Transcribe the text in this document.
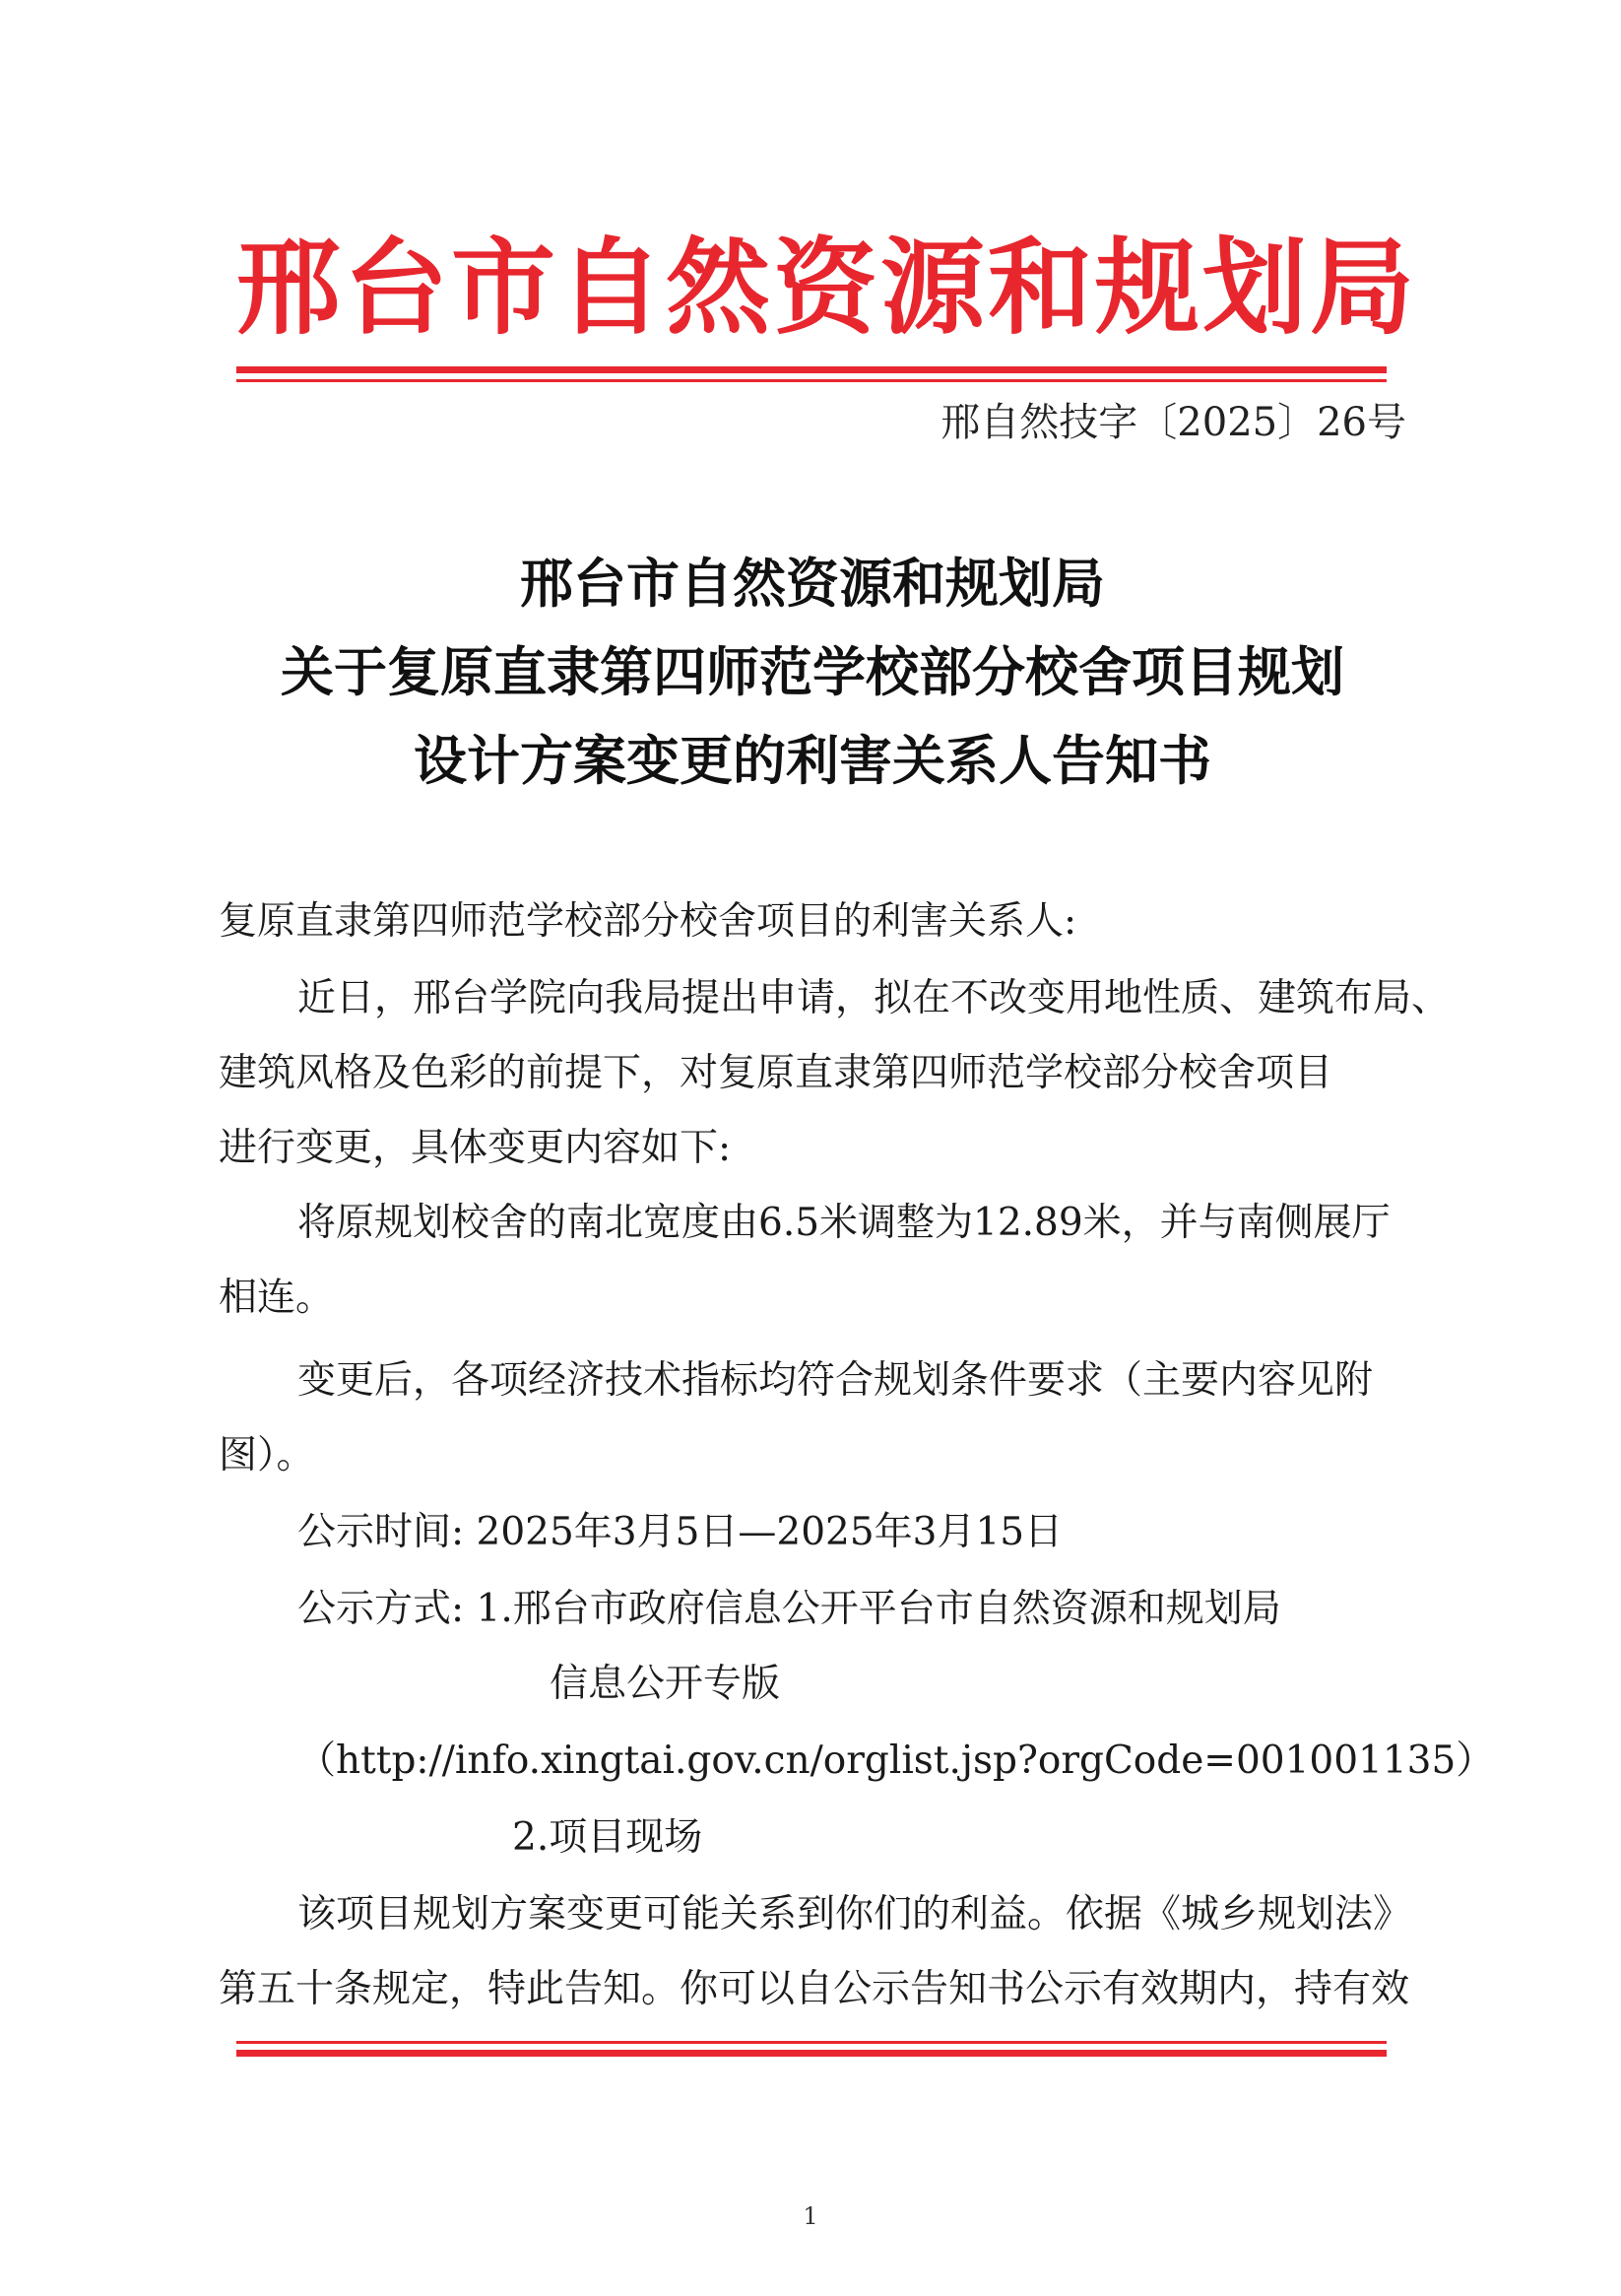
邢台市自然资源和规划局
邢自然技字〔2025〕26号
邢台市自然资源和规划局
关于复原直隶第四师范学校部分校舍项目规划
设计方案变更的利害关系人告知书
复原直隶第四师范学校部分校舍项目的利害关系人:
近日，邢台学院向我局提出申请，拟在不改变用地性质、建筑布局、
建筑风格及色彩的前提下，对复原直隶第四师范学校部分校舍项目
进行变更，具体变更内容如下:
将原规划校舍的南北宽度由6.5米调整为12.89米，并与南侧展厅
相连。
变更后，各项经济技术指标均符合规划条件要求（主要内容见附
图）。
公示时间: 2025年3月5日—2025年3月15日
公示方式: 1.邢台市政府信息公开平台市自然资源和规划局
信息公开专版
（http://info.xingtai.gov.cn/orglist.jsp?orgCode=001001135）
2.项目现场
该项目规划方案变更可能关系到你们的利益。依据《城乡规划法》
第五十条规定，特此告知。你可以自公示告知书公示有效期内，持有效
1
